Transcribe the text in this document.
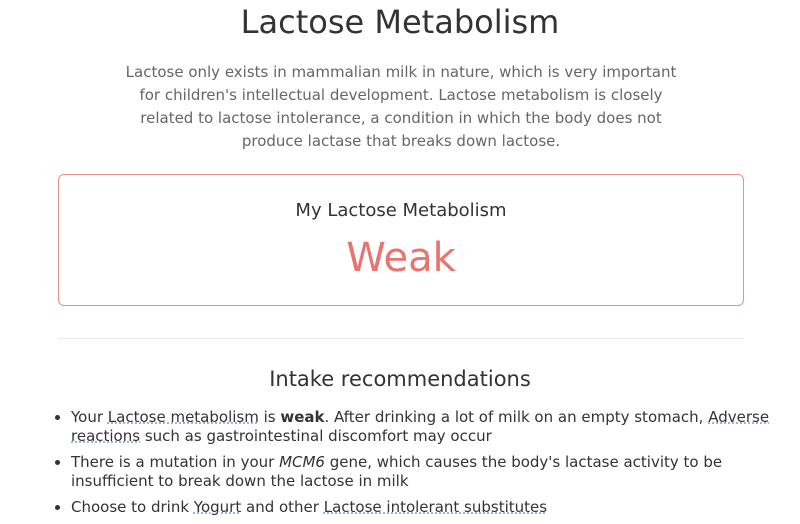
Lactose Metabolism

Lactose only exists in mammalian milk in nature, which is very important for children's intellectual development. Lactose metabolism is closely related to lactose intolerance, a condition in which the body does not produce lactase that breaks down lactose.

My Lactose Metabolism
Weak
Intake recommendations
• Your Lactose metabolism is weak. After drinking a lot of milk on an empty stomach, Adverse reactions such as gastrointestinal discomfort may occur
• There is a mutation in your MCM6 gene, which causes the body's lactase activity to be insufficient to break down the lactose in milk
• Choose to drink Yogurt and other Lactose intolerant substitutes
